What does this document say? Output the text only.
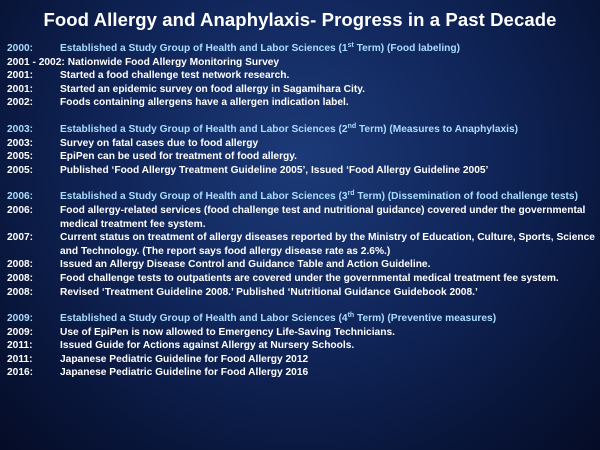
Food Allergy and Anaphylaxis- Progress in a Past Decade
2000:	Established a Study Group of Health and Labor Sciences (1st Term) (Food labeling)
2001 - 2002: Nationwide Food Allergy Monitoring Survey
2001:	Started a food challenge test network research.
2001:	Started an epidemic survey on food allergy in Sagamihara City.
2002:	Foods containing allergens have a allergen indication label.
2003:	Established a Study Group of Health and Labor Sciences (2nd Term) (Measures to Anaphylaxis)
2003:	Survey on fatal cases due to food allergy
2005:	EpiPen can be used for treatment of food allergy.
2005:	Published ‘Food Allergy Treatment Guideline 2005’, Issued ‘Food Allergy Guideline 2005’
2006:	Established a Study Group of Health and Labor Sciences (3rd Term) (Dissemination of food challenge tests)
2006:	Food allergy-related services (food challenge test and nutritional guidance) covered under the governmental medical treatment fee system.
2007:	Current status on treatment of allergy diseases reported by the Ministry of Education, Culture, Sports, Science and Technology. (The report says food allergy disease rate as 2.6%.)
2008:	Issued an Allergy Disease Control and Guidance Table and Action Guideline.
2008:	Food challenge tests to outpatients are covered under the governmental medical treatment fee system.
2008:	Revised ‘Treatment Guideline 2008.’ Published ‘Nutritional Guidance Guidebook 2008.’
2009:	Established a Study Group of Health and Labor Sciences (4th Term) (Preventive measures)
2009:	Use of EpiPen is now allowed to Emergency Life-Saving Technicians.
2011:	Issued Guide for Actions against Allergy at Nursery Schools.
2011:	Japanese Pediatric Guideline for Food Allergy 2012
2016:	Japanese Pediatric Guideline for Food Allergy 2016
